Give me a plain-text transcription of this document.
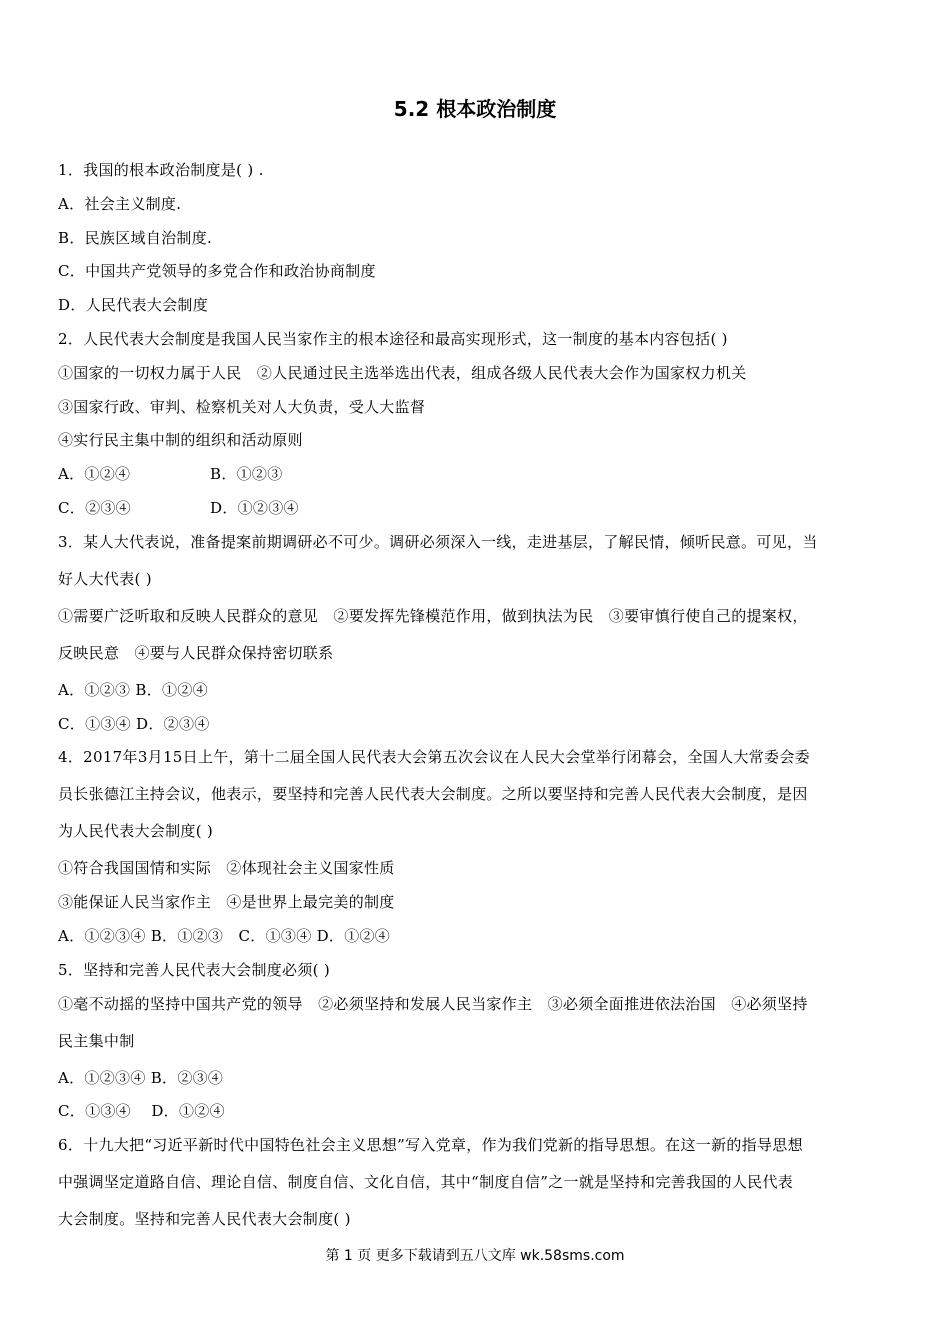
5.2 根本政治制度
1．我国的根本政治制度是( ) .
A．社会主义制度.
B．民族区域自治制度.
C．中国共产党领导的多党合作和政治协商制度
D．人民代表大会制度
2．人民代表大会制度是我国人民当家作主的根本途径和最高实现形式，这一制度的基本内容包括( )
①国家的一切权力属于人民　②人民通过民主选举选出代表，组成各级人民代表大会作为国家权力机关
③国家行政、审判、检察机关对人大负责，受人大监督
④实行民主集中制的组织和活动原则
A．①②④	B．①②③
C．②③④	D．①②③④
3．某人大代表说，准备提案前期调研必不可少。调研必须深入一线，走进基层，了解民情，倾听民意。可见，当
好人大代表( )
①需要广泛听取和反映人民群众的意见　②要发挥先锋模范作用，做到执法为民　③要审慎行使自己的提案权，
反映民意　④要与人民群众保持密切联系
A．①②③ B．①②④
C．①③④ D．②③④
4．2017年3月15日上午，第十二届全国人民代表大会第五次会议在人民大会堂举行闭幕会，全国人大常委会委
员长张德江主持会议，他表示，要坚持和完善人民代表大会制度。之所以要坚持和完善人民代表大会制度，是因
为人民代表大会制度( )
①符合我国国情和实际　②体现社会主义国家性质
③能保证人民当家作主　④是世界上最完美的制度
A．①②③④ B．①②③　C．①③④ D．①②④
5．坚持和完善人民代表大会制度必须( )
①毫不动摇的坚持中国共产党的领导　②必须坚持和发展人民当家作主　③必须全面推进依法治国　④必须坚持
民主集中制
A．①②③④ B．②③④
C．①③④　 D．①②④
6．十九大把“习近平新时代中国特色社会主义思想”写入党章，作为我们党新的指导思想。在这一新的指导思想
中强调坚定道路自信、理论自信、制度自信、文化自信，其中“制度自信”之一就是坚持和完善我国的人民代表
大会制度。坚持和完善人民代表大会制度( )
第 1 页 更多下载请到五八文库 wk.58sms.com
